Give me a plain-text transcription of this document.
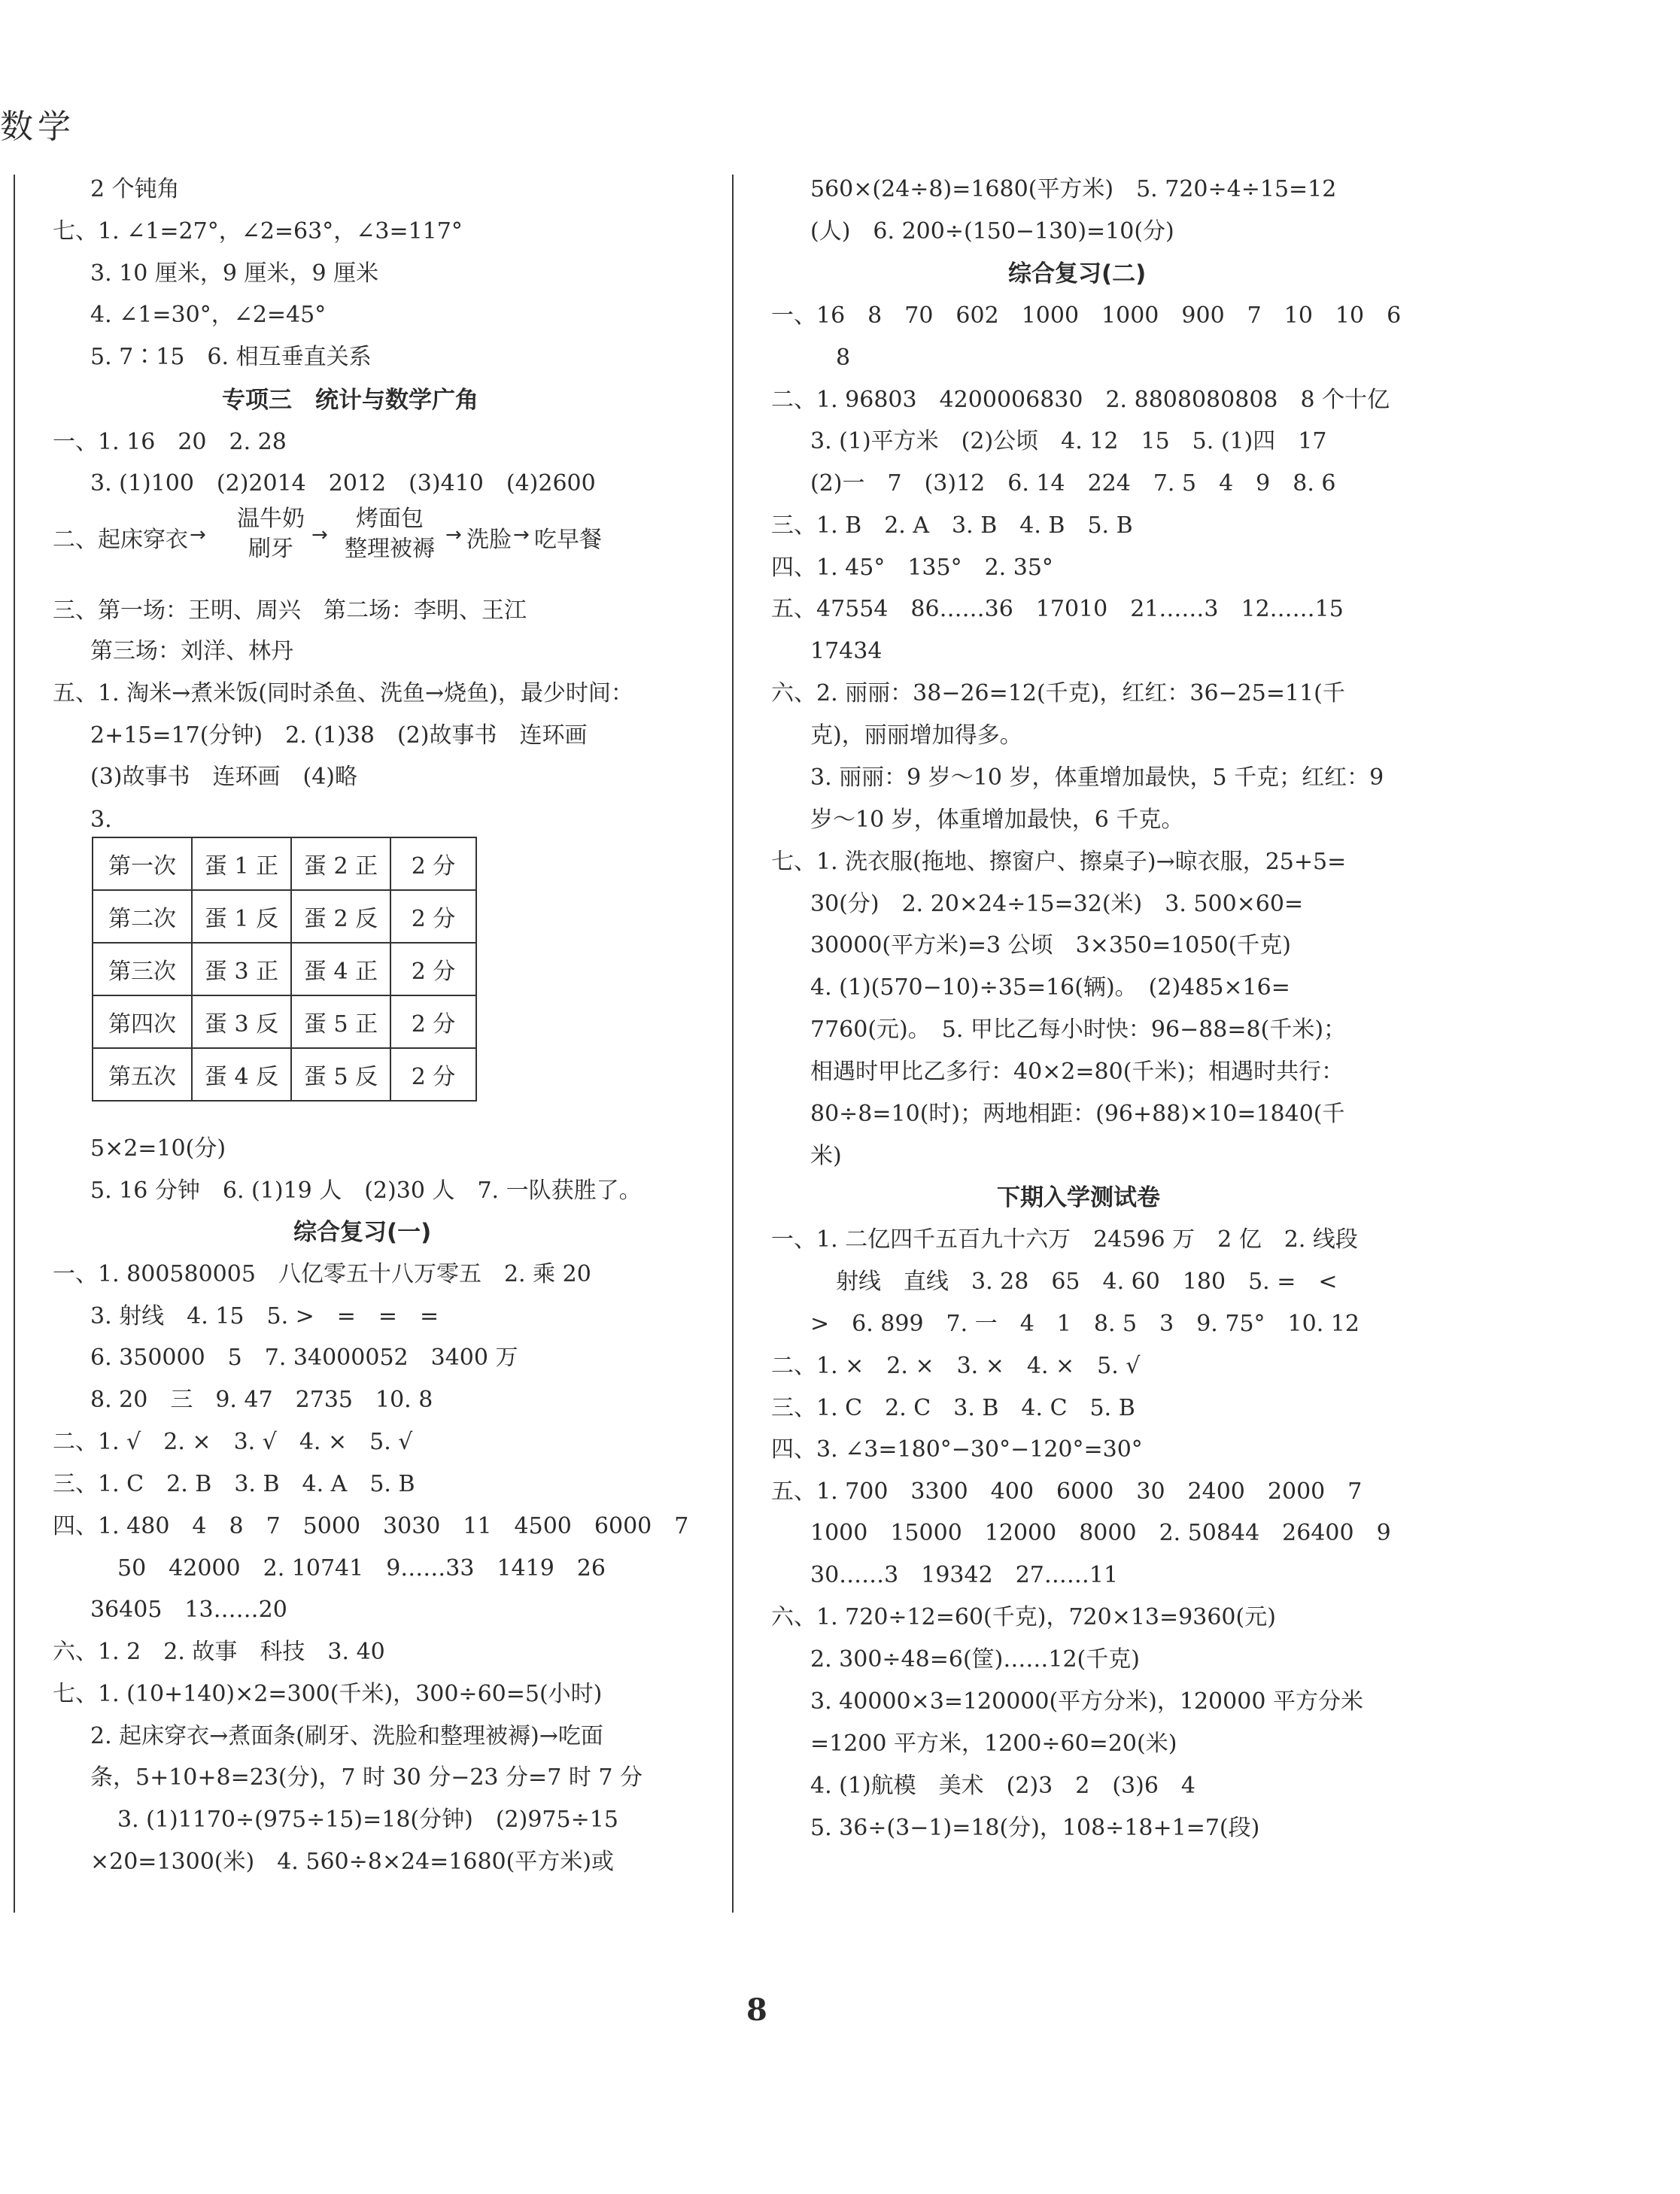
数学
2 个钝角
七、1. ∠1=27°，∠2=63°，∠3=117°
3. 10 厘米，9 厘米，9 厘米
4. ∠1=30°，∠2=45°
5. 7∶15　6. 相互垂直关系
专项三　统计与数学广角
一、1. 16　20　2. 28
3. (1)100　(2)2014　2012　(3)410　(4)2600
二、起床穿衣 →
温牛奶
刷牙
→
烤面包
整理被褥
→ 洗脸 → 吃早餐
三、第一场：王明、周兴　第二场：李明、王江
第三场：刘洋、林丹
五、1. 淘米→煮米饭(同时杀鱼、洗鱼→烧鱼)，最少时间：
2+15=17(分钟)　2. (1)38　(2)故事书　连环画
(3)故事书　连环画　(4)略
3.
第一次	蛋 1 正	蛋 2 正	2 分
第二次	蛋 1 反	蛋 2 反	2 分
第三次	蛋 3 正	蛋 4 正	2 分
第四次	蛋 3 反	蛋 5 正	2 分
第五次	蛋 4 反	蛋 5 反	2 分
5×2=10(分)
5. 16 分钟　6. (1)19 人　(2)30 人　7. 一队获胜了。
综合复习(一)
一、1. 800580005　八亿零五十八万零五　2. 乘 20
3. 射线　4. 15　5. >　=　=　=
6. 350000　5　7. 34000052　3400 万
8. 20　三　9. 47　2735　10. 8
二、1. √　2. ×　3. √　4. ×　5. √
三、1. C　2. B　3. B　4. A　5. B
四、1. 480　4　8　7　5000　3030　11　4500　6000　7
50　42000　2. 10741　9……33　1419　26
36405　13……20
六、1. 2　2. 故事　科技　3. 40
七、1. (10+140)×2=300(千米)，300÷60=5(小时)
2. 起床穿衣→煮面条(刷牙、洗脸和整理被褥)→吃面
条，5+10+8=23(分)，7 时 30 分−23 分=7 时 7 分
3. (1)1170÷(975÷15)=18(分钟)　(2)975÷15
×20=1300(米)　4. 560÷8×24=1680(平方米)或
560×(24÷8)=1680(平方米)　5. 720÷4÷15=12
(人)　6. 200÷(150−130)=10(分)
综合复习(二)
一、16　8　70　602　1000　1000　900　7　10　10　6
8
二、1. 96803　4200006830　2. 8808080808　8 个十亿
3. (1)平方米　(2)公顷　4. 12　15　5. (1)四　17
(2)一　7　(3)12　6. 14　224　7. 5　4　9　8. 6
三、1. B　2. A　3. B　4. B　5. B
四、1. 45°　135°　2. 35°
五、47554　86……36　17010　21……3　12……15
17434
六、2. 丽丽：38−26=12(千克)，红红：36−25=11(千
克)，丽丽增加得多。
3. 丽丽：9 岁～10 岁，体重增加最快，5 千克；红红：9
岁～10 岁，体重增加最快，6 千克。
七、1. 洗衣服(拖地、擦窗户、擦桌子)→晾衣服，25+5=
30(分)　2. 20×24÷15=32(米)　3. 500×60=
30000(平方米)=3 公顷　3×350=1050(千克)
4. (1)(570−10)÷35=16(辆)。　(2)485×16=
7760(元)。　5. 甲比乙每小时快：96−88=8(千米)；
相遇时甲比乙多行：40×2=80(千米)；相遇时共行：
80÷8=10(时)；两地相距：(96+88)×10=1840(千
米)
下期入学测试卷
一、1. 二亿四千五百九十六万　24596 万　2 亿　2. 线段
射线　直线　3. 28　65　4. 60　180　5. =　<
>　6. 899　7. 一　4　1　8. 5　3　9. 75°　10. 12
二、1. ×　2. ×　3. ×　4. ×　5. √
三、1. C　2. C　3. B　4. C　5. B
四、3. ∠3=180°−30°−120°=30°
五、1. 700　3300　400　6000　30　2400　2000　7
1000　15000　12000　8000　2. 50844　26400　9
30……3　19342　27……11
六、1. 720÷12=60(千克)，720×13=9360(元)
2. 300÷48=6(筐)……12(千克)
3. 40000×3=120000(平方分米)，120000 平方分米
=1200 平方米，1200÷60=20(米)
4. (1)航模　美术　(2)3　2　(3)6　4
5. 36÷(3−1)=18(分)，108÷18+1=7(段)
8
